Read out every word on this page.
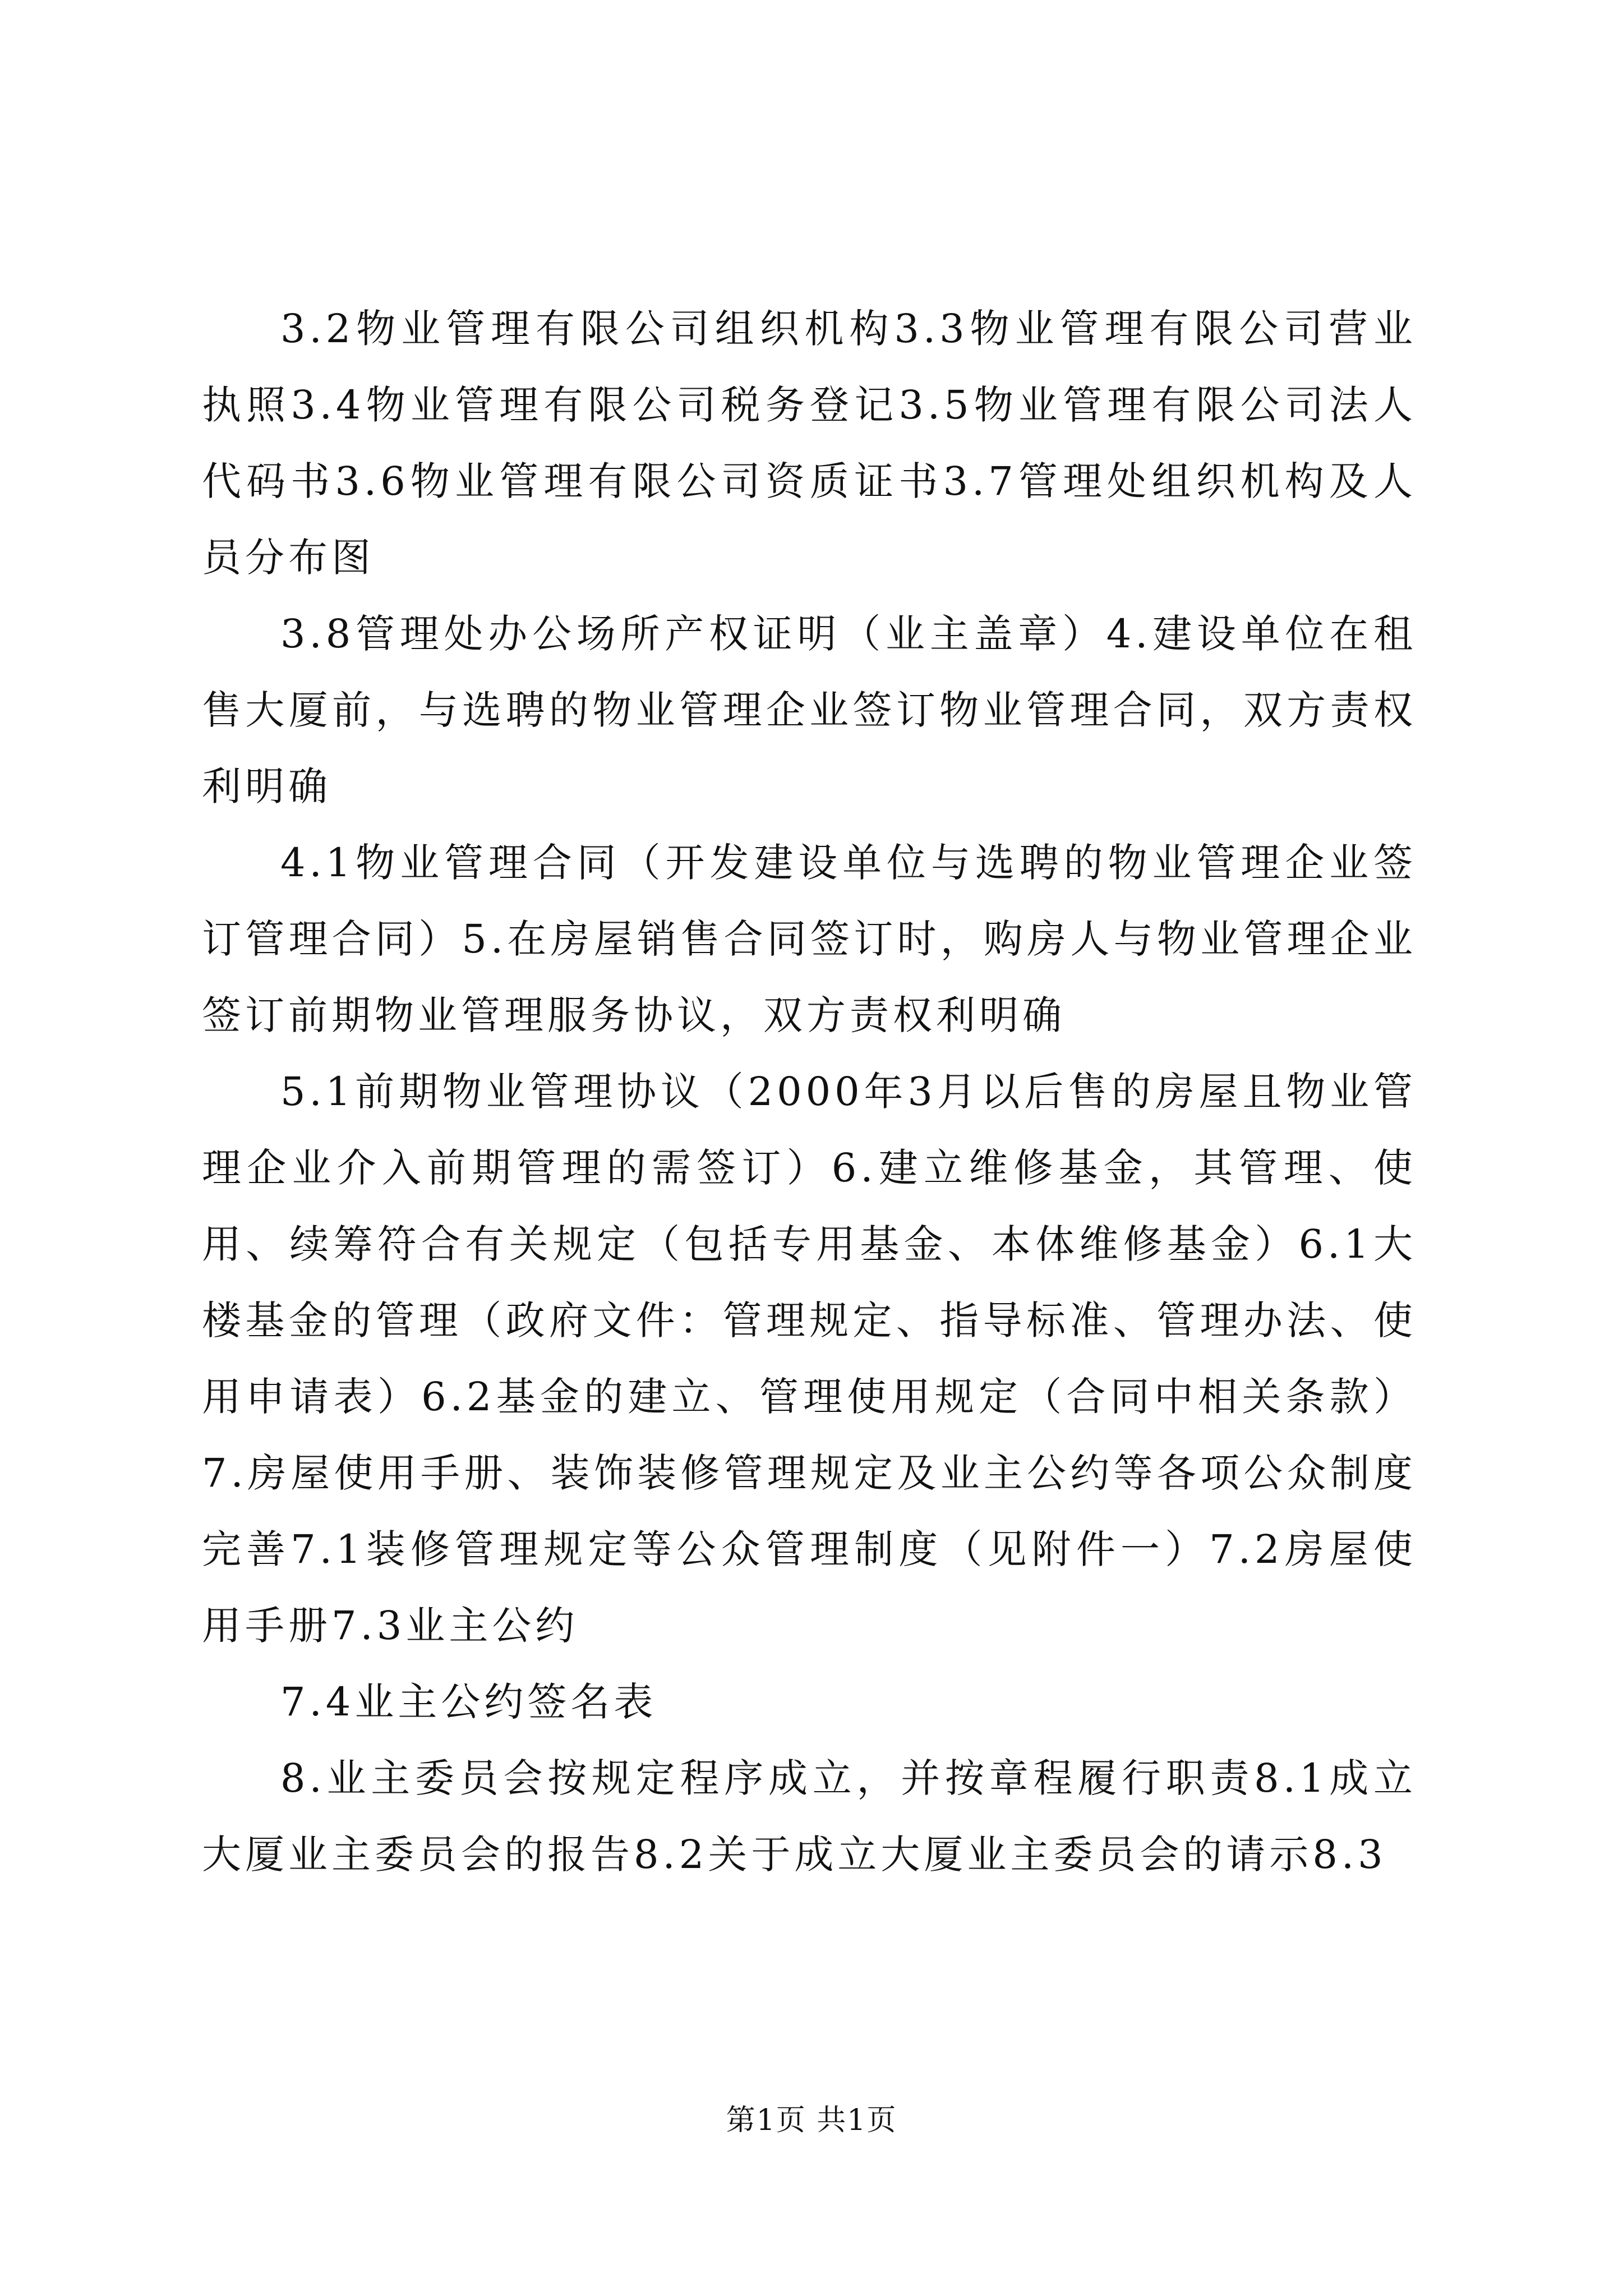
3.2物业管理有限公司组织机构3.3物业管理有限公司营业执照3.4物业管理有限公司税务登记3.5物业管理有限公司法人代码书3.6物业管理有限公司资质证书3.7管理处组织机构及人员分布图

3.8管理处办公场所产权证明（业主盖章）4.建设单位在租售大厦前，与选聘的物业管理企业签订物业管理合同，双方责权利明确

4.1物业管理合同（开发建设单位与选聘的物业管理企业签订管理合同）5.在房屋销售合同签订时，购房人与物业管理企业签订前期物业管理服务协议，双方责权利明确

5.1前期物业管理协议（2000年3月以后售的房屋且物业管理企业介入前期管理的需签订）6.建立维修基金，其管理、使用、续筹符合有关规定（包括专用基金、本体维修基金）6.1大楼基金的管理（政府文件：管理规定、指导标准、管理办法、使用申请表）6.2基金的建立、管理使用规定（合同中相关条款）7.房屋使用手册、装饰装修管理规定及业主公约等各项公众制度完善7.1装修管理规定等公众管理制度（见附件一）7.2房屋使用手册7.3业主公约

7.4业主公约签名表

8.业主委员会按规定程序成立，并按章程履行职责8.1成立大厦业主委员会的报告8.2关于成立大厦业主委员会的请示8.3

第1页 共1页
